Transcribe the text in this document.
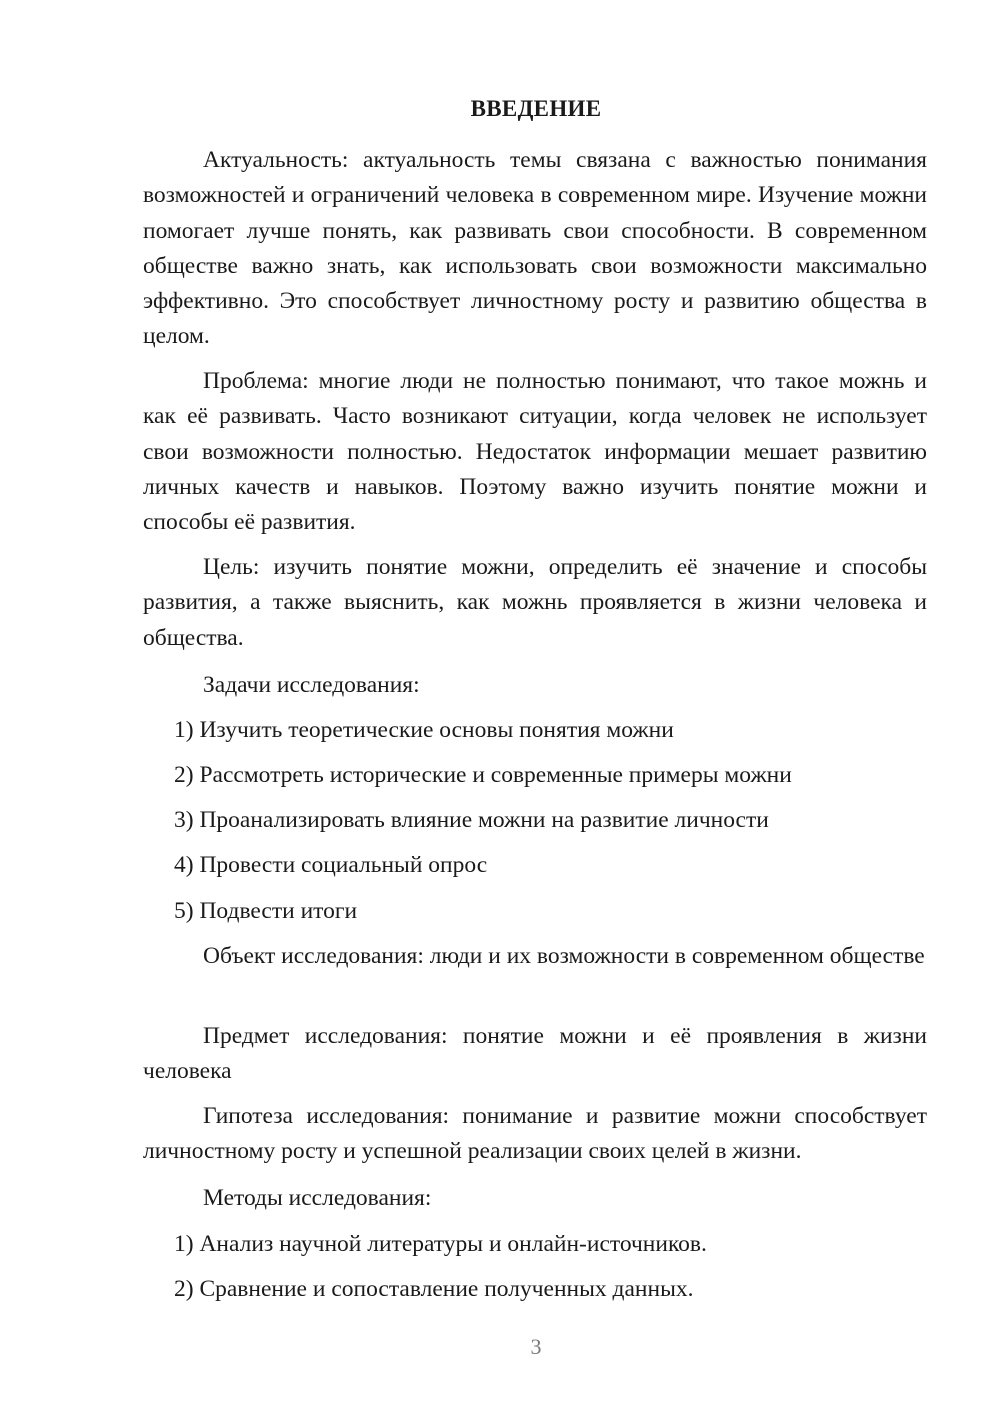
ВВЕДЕНИЕ

Актуальность: актуальность темы связана с важностью понимания возможностей и ограничений человека в современном мире. Изучение можни помогает лучше понять, как развивать свои способности. В современном обществе важно знать, как использовать свои возможности максимально эффективно. Это способствует личностному росту и развитию общества в целом.

Проблема: многие люди не полностью понимают, что такое можнь и как её развивать. Часто возникают ситуации, когда человек не использует свои возможности полностью. Недостаток информации мешает развитию личных качеств и навыков. Поэтому важно изучить понятие можни и способы её развития.

Цель: изучить понятие можни, определить её значение и способы развития, а также выяснить, как можнь проявляется в жизни человека и общества.

Задачи исследования:
1) Изучить теоретические основы понятия можни
2) Рассмотреть исторические и современные примеры можни
3) Проанализировать влияние можни на развитие личности
4) Провести социальный опрос
5) Подвести итоги

Объект исследования: люди и их возможности в современном обществе

Предмет исследования: понятие можни и её проявления в жизни человека

Гипотеза исследования: понимание и развитие можни способствует личностному росту и успешной реализации своих целей в жизни.

Методы исследования:
1) Анализ научной литературы и онлайн-источников.
2) Сравнение и сопоставление полученных данных.
3
